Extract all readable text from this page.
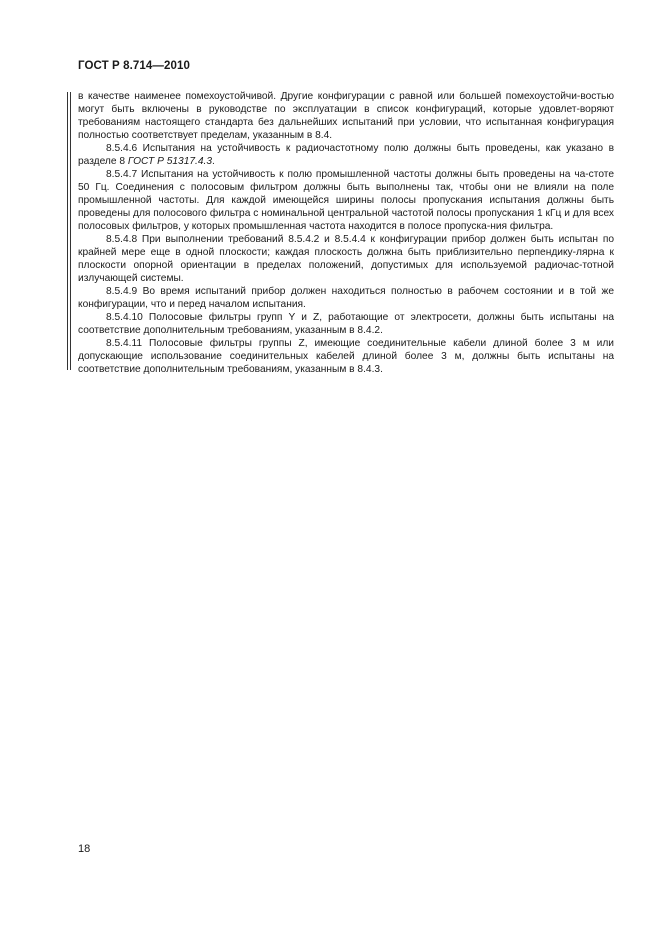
ГОСТ Р 8.714—2010

в качестве наименее помехоустойчивой. Другие конфигурации с равной или большей помехоустойчи-востью могут быть включены в руководстве по эксплуатации в список конфигураций, которые удовлет-воряют требованиям настоящего стандарта без дальнейших испытаний при условии, что испытанная конфигурация полностью соответствует пределам, указанным в 8.4.

8.5.4.6 Испытания на устойчивость к радиочастотному полю должны быть проведены, как указано в разделе 8 ГОСТ Р 51317.4.3.

8.5.4.7 Испытания на устойчивость к полю промышленной частоты должны быть проведены на ча-стоте 50 Гц. Соединения с полосовым фильтром должны быть выполнены так, чтобы они не влияли на поле промышленной частоты. Для каждой имеющейся ширины полосы пропускания испытания должны быть проведены для полосового фильтра с номинальной центральной частотой полосы пропускания 1 кГц и для всех полосовых фильтров, у которых промышленная частота находится в полосе пропуска-ния фильтра.

8.5.4.8 При выполнении требований 8.5.4.2 и 8.5.4.4 к конфигурации прибор должен быть испытан по крайней мере еще в одной плоскости; каждая плоскость должна быть приблизительно перпендику-лярна к плоскости опорной ориентации в пределах положений, допустимых для используемой радиочас-тотной излучающей системы.

8.5.4.9 Во время испытаний прибор должен находиться полностью в рабочем состоянии и в той же конфигурации, что и перед началом испытания.

8.5.4.10 Полосовые фильтры групп Y и Z, работающие от электросети, должны быть испытаны на соответствие дополнительным требованиям, указанным в 8.4.2.

8.5.4.11 Полосовые фильтры группы Z, имеющие соединительные кабели длиной более 3 м или допускающие использование соединительных кабелей длиной более 3 м, должны быть испытаны на соответствие дополнительным требованиям, указанным в 8.4.3.

18
